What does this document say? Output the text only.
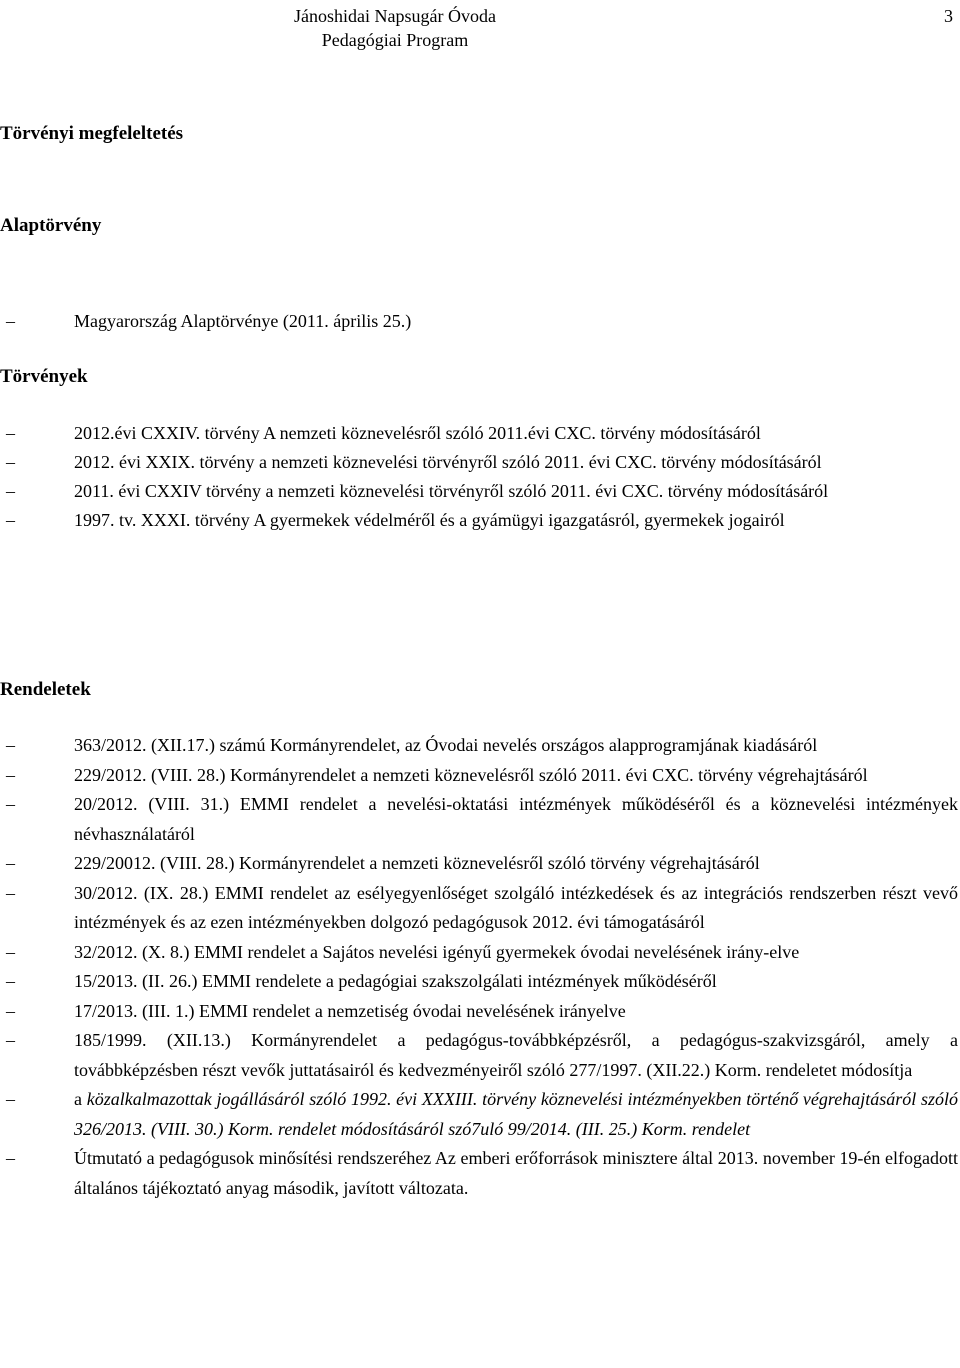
Jánoshidai Napsugár Óvoda
Pedagógiai Program
3
Törvényi megfeleltetés
Alaptörvény
–	Magyarország Alaptörvénye (2011. április 25.)
Törvények
–	2012.évi CXXIV. törvény A nemzeti köznevelésről szóló 2011.évi CXC. törvény módosításáról
–	2012. évi XXIX. törvény a nemzeti köznevelési törvényről szóló 2011. évi CXC. törvény módosításáról
–	2011. évi CXXIV törvény a nemzeti köznevelési törvényről szóló 2011. évi CXC. törvény módosításáról
–	1997. tv. XXXI. törvény A gyermekek védelméről és a gyámügyi igazgatásról, gyermekek jogairól
Rendeletek
–	363/2012. (XII.17.) számú Kormányrendelet, az Óvodai nevelés országos alapprogramjának kiadásáról
–	229/2012. (VIII. 28.) Kormányrendelet a nemzeti köznevelésről szóló 2011. évi CXC. törvény végrehajtásáról
–	20/2012. (VIII. 31.) EMMI rendelet a nevelési-oktatási intézmények működéséről és a köznevelési intézmények névhasználatáról
–	229/20012. (VIII. 28.) Kormányrendelet a nemzeti köznevelésről szóló törvény végrehajtásáról
–	30/2012. (IX. 28.) EMMI rendelet az esélyegyenlőséget szolgáló intézkedések és az integrációs rendszerben részt vevő intézmények és az ezen intézményekben dolgozó pedagógusok 2012. évi támogatásáról
–	32/2012. (X. 8.) EMMI rendelet a Sajátos nevelési igényű gyermekek óvodai nevelésének irány-elve
–	15/2013. (II. 26.) EMMI rendelete a pedagógiai szakszolgálati intézmények működéséről
–	17/2013. (III. 1.) EMMI rendelet a nemzetiség óvodai nevelésének irányelve
–	185/1999. (XII.13.) Kormányrendelet a pedagógus-továbbképzésről, a pedagógus-szakvizsgáról, amely a továbbképzésben részt vevők juttatásairól és kedvezményeiről szóló 277/1997. (XII.22.) Korm. rendeletet módosítja
–	a közalkalmazottak jogállásáról szóló 1992. évi XXXIII. törvény köznevelési intézményekben történő végrehajtásáról szóló 326/2013. (VIII. 30.) Korm. rendelet módosításáról szó7uló 99/2014. (III. 25.) Korm. rendelet
–	Útmutató a pedagógusok minősítési rendszeréhez Az emberi erőforrások minisztere által 2013. november 19-én elfogadott általános tájékoztató anyag második, javított változata.
